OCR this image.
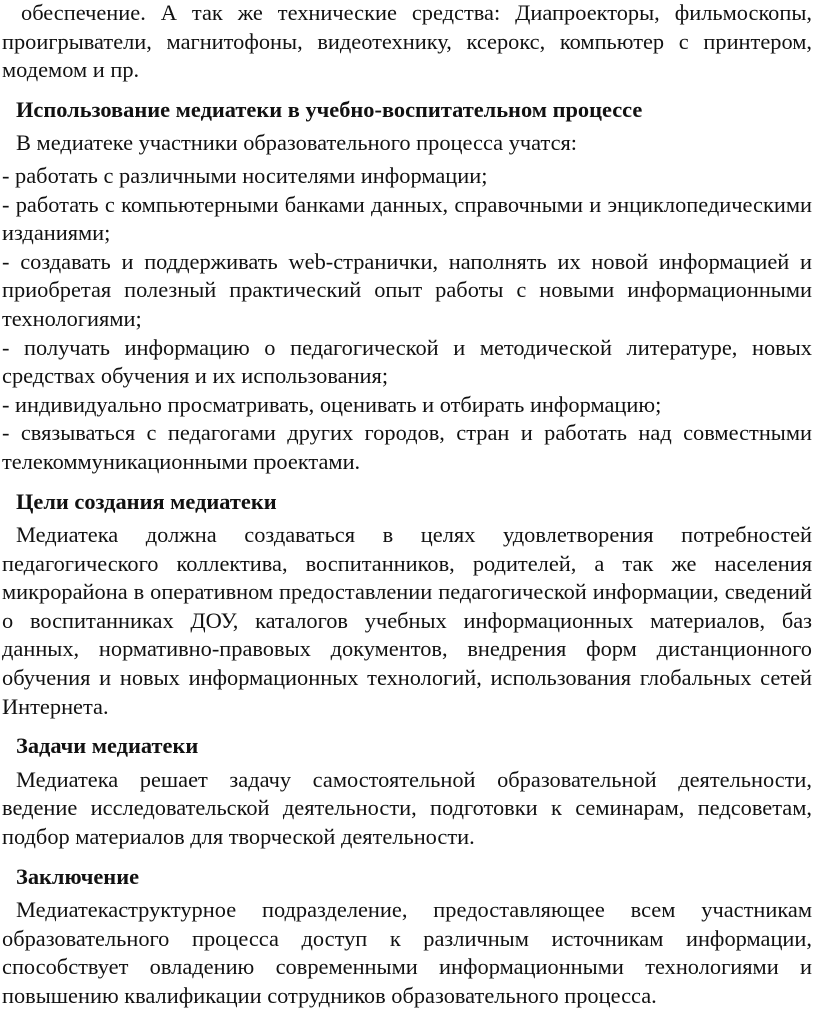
обеспечение. А так же технические средства: Диапроекторы, фильмоскопы, проигрыватели, магнитофоны, видеотехнику, ксерокс, компьютер с принтером, модемом и пр.

Использование медиатеки в учебно-воспитательном процессе

В медиатеке участники образовательного процесса учатся:

- работать с различными носителями информации;

- работать с компьютерными банками данных, справочными и энциклопедическими изданиями;

- создавать и поддерживать web-странички, наполнять их новой информацией и приобретая полезный практический опыт работы с новыми информационными технологиями;

- получать информацию о педагогической и методической литературе, новых средствах обучения и их использования;

- индивидуально просматривать, оценивать и отбирать информацию;

- связываться с педагогами других городов, стран и работать над совместными телекоммуникационными проектами.

Цели создания медиатеки

Медиатека должна создаваться в целях удовлетворения потребностей педагогического коллектива, воспитанников, родителей, а так же населения микрорайона в оперативном предоставлении педагогической информации, сведений о воспитанниках ДОУ, каталогов учебных информационных материалов, баз данных, нормативно-правовых документов, внедрения форм дистанционного обучения и новых информационных технологий, использования глобальных сетей Интернета.

Задачи медиатеки

Медиатека решает задачу самостоятельной образовательной деятельности, ведение исследовательской деятельности, подготовки к семинарам, педсоветам, подбор материалов для творческой деятельности.

Заключение

Медиатекаструктурное подразделение, предоставляющее всем участникам образовательного процесса доступ к различным источникам информации, способствует овладению современными информационными технологиями и повышению квалификации сотрудников образовательного процесса.
